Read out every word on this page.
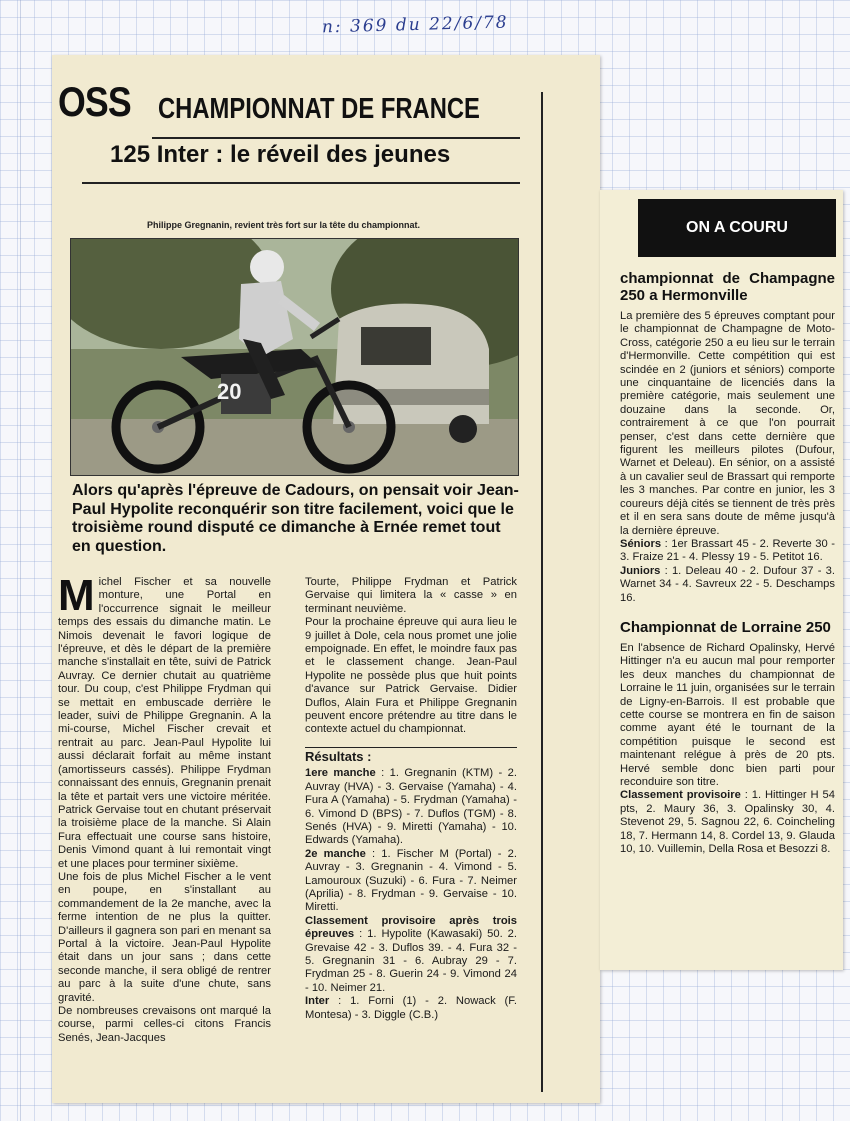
n: 369 du 22/6/78
OSS CHAMPIONNAT DE FRANCE
125 Inter : le réveil des jeunes
Philippe Gregnanin, revient très fort sur la tête du championnat.
20
Alors qu'après l'épreuve de Cadours, on pensait voir Jean-Paul Hypolite reconquérir son titre facilement, voici que le troisième round disputé ce dimanche à Ernée remet tout en question.

Michel Fischer et sa nouvelle monture, une Portal en l'occurrence signait le meilleur temps des essais du dimanche matin. Le Nimois devenait le favori logique de l'épreuve, et dès le départ de la première manche s'installait en tête, suivi de Patrick Auvray. Ce dernier chutait au quatrième tour. Du coup, c'est Philippe Frydman qui se mettait en embuscade derrière le leader, suivi de Philippe Gregnanin. A la mi-course, Michel Fischer crevait et rentrait au parc. Jean-Paul Hypolite lui aussi déclarait forfait au même instant (amortisseurs cassés). Philippe Frydman connaissant des ennuis, Gregnanin prenait la tête et partait vers une victoire méritée. Patrick Gervaise tout en chutant préservait la troisième place de la manche. Si Alain Fura effectuait une course sans histoire, Denis Vimond quant à lui remontait vingt et une places pour terminer sixième.

Une fois de plus Michel Fischer a le vent en poupe, en s'installant au commandement de la 2e manche, avec la ferme intention de ne plus la quitter. D'ailleurs il gagnera son pari en menant sa Portal à la victoire. Jean-Paul Hypolite était dans un jour sans ; dans cette seconde manche, il sera obligé de rentrer au parc à la suite d'une chute, sans gravité.

De nombreuses crevaisons ont marqué la course, parmi celles-ci citons Francis Senés, Jean-Jacques

Tourte, Philippe Frydman et Patrick Gervaise qui limitera la « casse » en terminant neuvième.

Pour la prochaine épreuve qui aura lieu le 9 juillet à Dole, cela nous promet une jolie empoignade. En effet, le moindre faux pas et le classement change. Jean-Paul Hypolite ne possède plus que huit points d'avance sur Patrick Gervaise. Didier Duflos, Alain Fura et Philippe Gregnanin peuvent encore prétendre au titre dans le contexte actuel du championnat.

Résultats :

1ere manche : 1. Gregnanin (KTM) - 2. Auvray (HVA) - 3. Gervaise (Yamaha) - 4. Fura A (Yamaha) - 5. Frydman (Yamaha) - 6. Vimond D (BPS) - 7. Duflos (TGM) - 8. Senés (HVA) - 9. Miretti (Yamaha) - 10. Edwards (Yamaha).

2e manche : 1. Fischer M (Portal) - 2. Auvray - 3. Gregnanin - 4. Vimond - 5. Lamouroux (Suzuki) - 6. Fura - 7. Neimer (Aprilia) - 8. Frydman - 9. Gervaise - 10. Miretti.

Classement provisoire après trois épreuves : 1. Hypolite (Kawasaki) 50. 2. Grevaise 42 - 3. Duflos 39. - 4. Fura 32 - 5. Gregnanin 31 - 6. Aubray 29 - 7. Frydman 25 - 8. Guerin 24 - 9. Vimond 24 - 10. Neimer 21.

Inter : 1. Forni (1) - 2. Nowack (F. Montesa) - 3. Diggle (C.B.)

ON A COURU
championnat de Champagne 250 a Hermonville

La première des 5 épreuves comptant pour le championnat de Champagne de Moto-Cross, catégorie 250 a eu lieu sur le terrain d'Hermonville. Cette compétition qui est scindée en 2 (juniors et séniors) comporte une cinquantaine de licenciés dans la première catégorie, mais seulement une douzaine dans la seconde. Or, contrairement à ce que l'on pourrait penser, c'est dans cette dernière que figurent les meilleurs pilotes (Dufour, Warnet et Deleau). En sénior, on a assisté à un cavalier seul de Brassart qui remporte les 3 manches. Par contre en junior, les 3 coureurs déjà cités se tiennent de très près et il en sera sans doute de même jusqu'à la dernière épreuve.

Séniors : 1er Brassart 45 - 2. Reverte 30 - 3. Fraize 21 - 4. Plessy 19 - 5. Petitot 16.

Juniors : 1. Deleau 40 - 2. Dufour 37 - 3. Warnet 34 - 4. Savreux 22 - 5. Deschamps 16.

Championnat de Lorraine 250

En l'absence de Richard Opalinsky, Hervé Hittinger n'a eu aucun mal pour remporter les deux manches du championnat de Lorraine le 11 juin, organisées sur le terrain de Ligny-en-Barrois. Il est probable que cette course se montrera en fin de saison comme ayant été le tournant de la compétition puisque le second est maintenant relégue à près de 20 pts. Hervé semble donc bien parti pour reconduire son titre.

Classement provisoire : 1. Hittinger H 54 pts, 2. Maury 36, 3. Opalinsky 30, 4. Stevenot 29, 5. Sagnou 22, 6. Coincheling 18, 7. Hermann 14, 8. Cordel 13, 9. Glauda 10, 10. Vuillemin, Della Rosa et Besozzi 8.
